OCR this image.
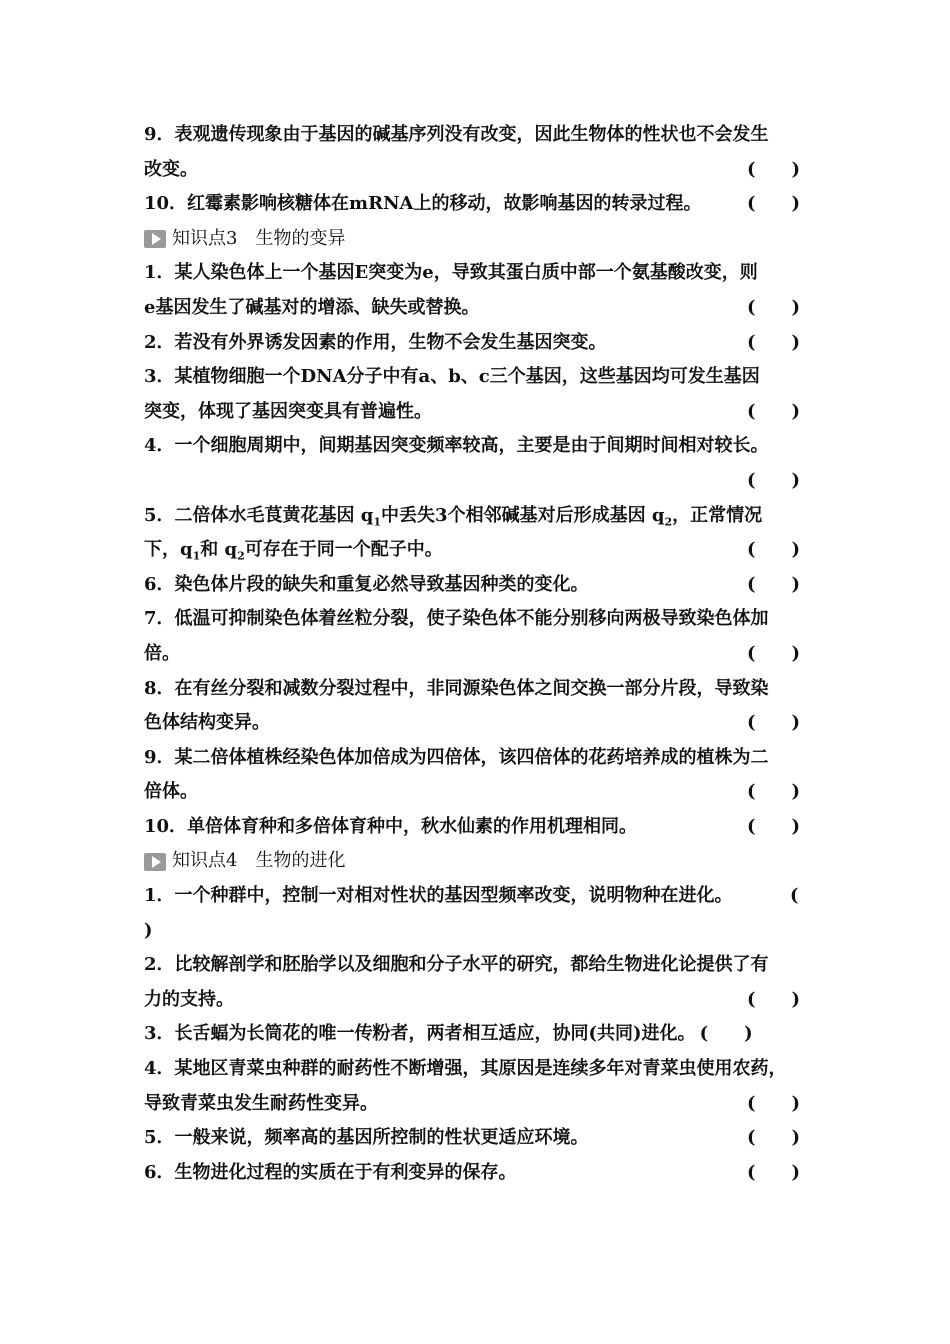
9．表观遗传现象由于基因的碱基序列没有改变，因此生物体的性状也不会发生
改变。	(　　)
10．红霉素影响核糖体在mRNA上的移动，故影响基因的转录过程。	(　　)
知识点3 生物的变异
1．某人染色体上一个基因E突变为e，导致其蛋白质中部一个氨基酸改变，则
e基因发生了碱基对的增添、缺失或替换。	(　　)
2．若没有外界诱发因素的作用，生物不会发生基因突变。	(　　)
3．某植物细胞一个DNA分子中有a、b、c三个基因，这些基因均可发生基因
突变，体现了基因突变具有普遍性。	(　　)
4．一个细胞周期中，间期基因突变频率较高，主要是由于间期时间相对较长。
(　　)
5．二倍体水毛茛黄花基因 $q_1$中丢失3个相邻碱基对后形成基因 $q_2$，正常情况
下，$q_1$和 $q_2$可存在于同一个配子中。	(　　)
6．染色体片段的缺失和重复必然导致基因种类的变化。	(　　)
7．低温可抑制染色体着丝粒分裂，使子染色体不能分别移向两极导致染色体加
倍。	(　　)
8．在有丝分裂和减数分裂过程中，非同源染色体之间交换一部分片段，导致染
色体结构变异。	(　　)
9．某二倍体植株经染色体加倍成为四倍体，该四倍体的花药培养成的植株为二
倍体。	(　　)
10．单倍体育种和多倍体育种中，秋水仙素的作用机理相同。	(　　)
知识点4 生物的进化
1．一个种群中，控制一对相对性状的基因型频率改变，说明物种在进化。	(
)
2．比较解剖学和胚胎学以及细胞和分子水平的研究，都给生物进化论提供了有
力的支持。	(　　)
3．长舌蝠为长筒花的唯一传粉者，两者相互适应，协同(共同)进化。 (　　)
4．某地区青菜虫种群的耐药性不断增强，其原因是连续多年对青菜虫使用农药，
导致青菜虫发生耐药性变异。	(　　)
5．一般来说，频率高的基因所控制的性状更适应环境。	(　　)
6．生物进化过程的实质在于有利变异的保存。	(　　)
